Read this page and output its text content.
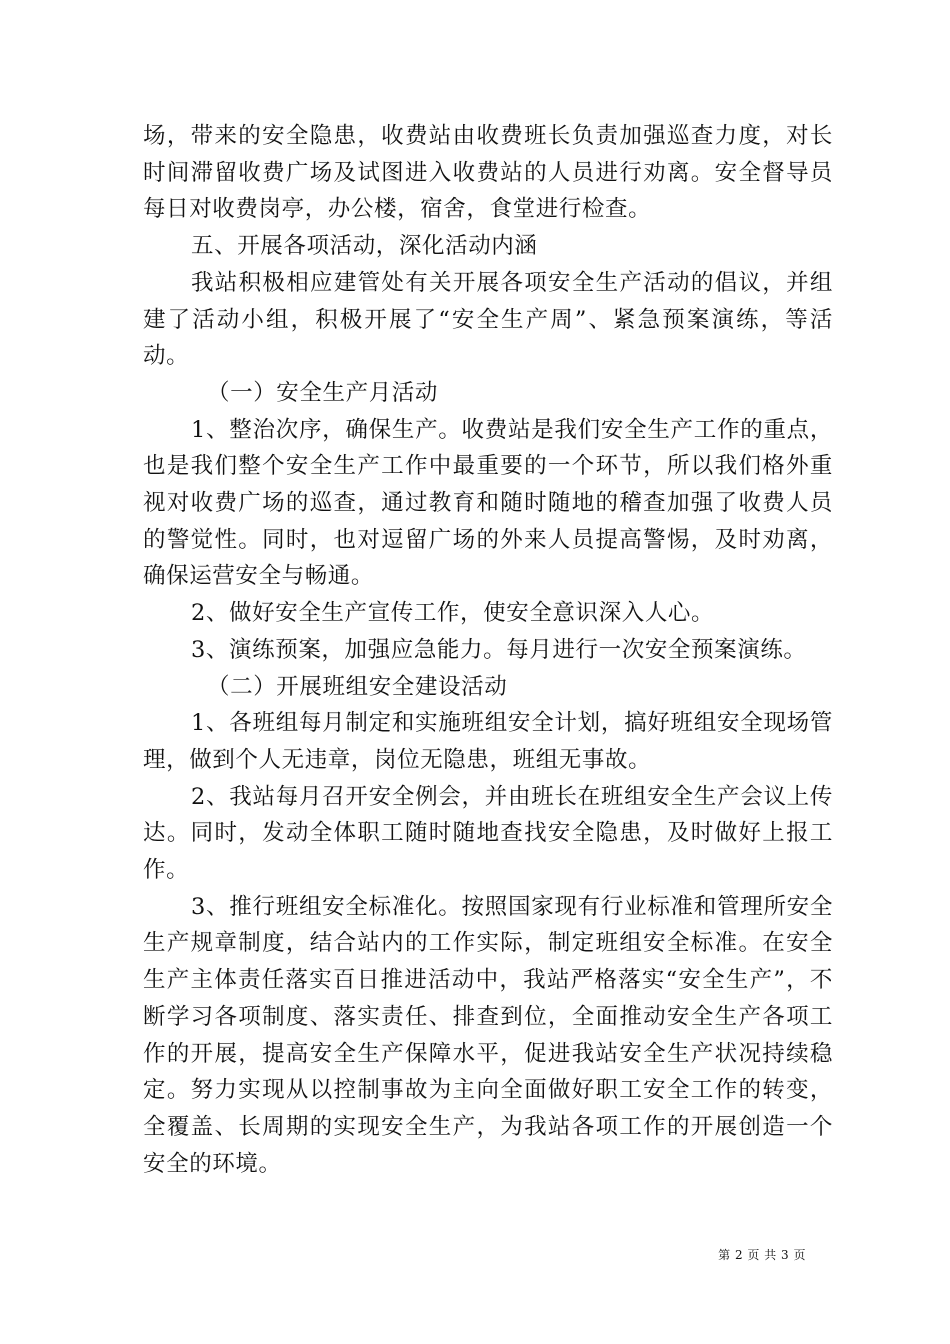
场，带来的安全隐患，收费站由收费班长负责加强巡查力度，对长时间滞留收费广场及试图进入收费站的人员进行劝离。安全督导员每日对收费岗亭，办公楼，宿舍，食堂进行检查。

五、开展各项活动，深化活动内涵

我站积极相应建管处有关开展各项安全生产活动的倡议，并组建了活动小组，积极开展了“安全生产周”、紧急预案演练，等活动。

（一）安全生产月活动

1、整治次序，确保生产。收费站是我们安全生产工作的重点，也是我们整个安全生产工作中最重要的一个环节，所以我们格外重视对收费广场的巡查，通过教育和随时随地的稽查加强了收费人员的警觉性。同时，也对逗留广场的外来人员提高警惕，及时劝离，确保运营安全与畅通。

2、做好安全生产宣传工作，使安全意识深入人心。

3、演练预案，加强应急能力。每月进行一次安全预案演练。

（二）开展班组安全建设活动

1、各班组每月制定和实施班组安全计划，搞好班组安全现场管理，做到个人无违章，岗位无隐患，班组无事故。

2、我站每月召开安全例会，并由班长在班组安全生产会议上传达。同时，发动全体职工随时随地查找安全隐患，及时做好上报工作。

3、推行班组安全标准化。按照国家现有行业标准和管理所安全生产规章制度，结合站内的工作实际，制定班组安全标准。在安全生产主体责任落实百日推进活动中，我站严格落实“安全生产”，不断学习各项制度、落实责任、排查到位，全面推动安全生产各项工作的开展，提高安全生产保障水平，促进我站安全生产状况持续稳定。努力实现从以控制事故为主向全面做好职工安全工作的转变，全覆盖、长周期的实现安全生产，为我站各项工作的开展创造一个安全的环境。

第 2 页 共 3 页
